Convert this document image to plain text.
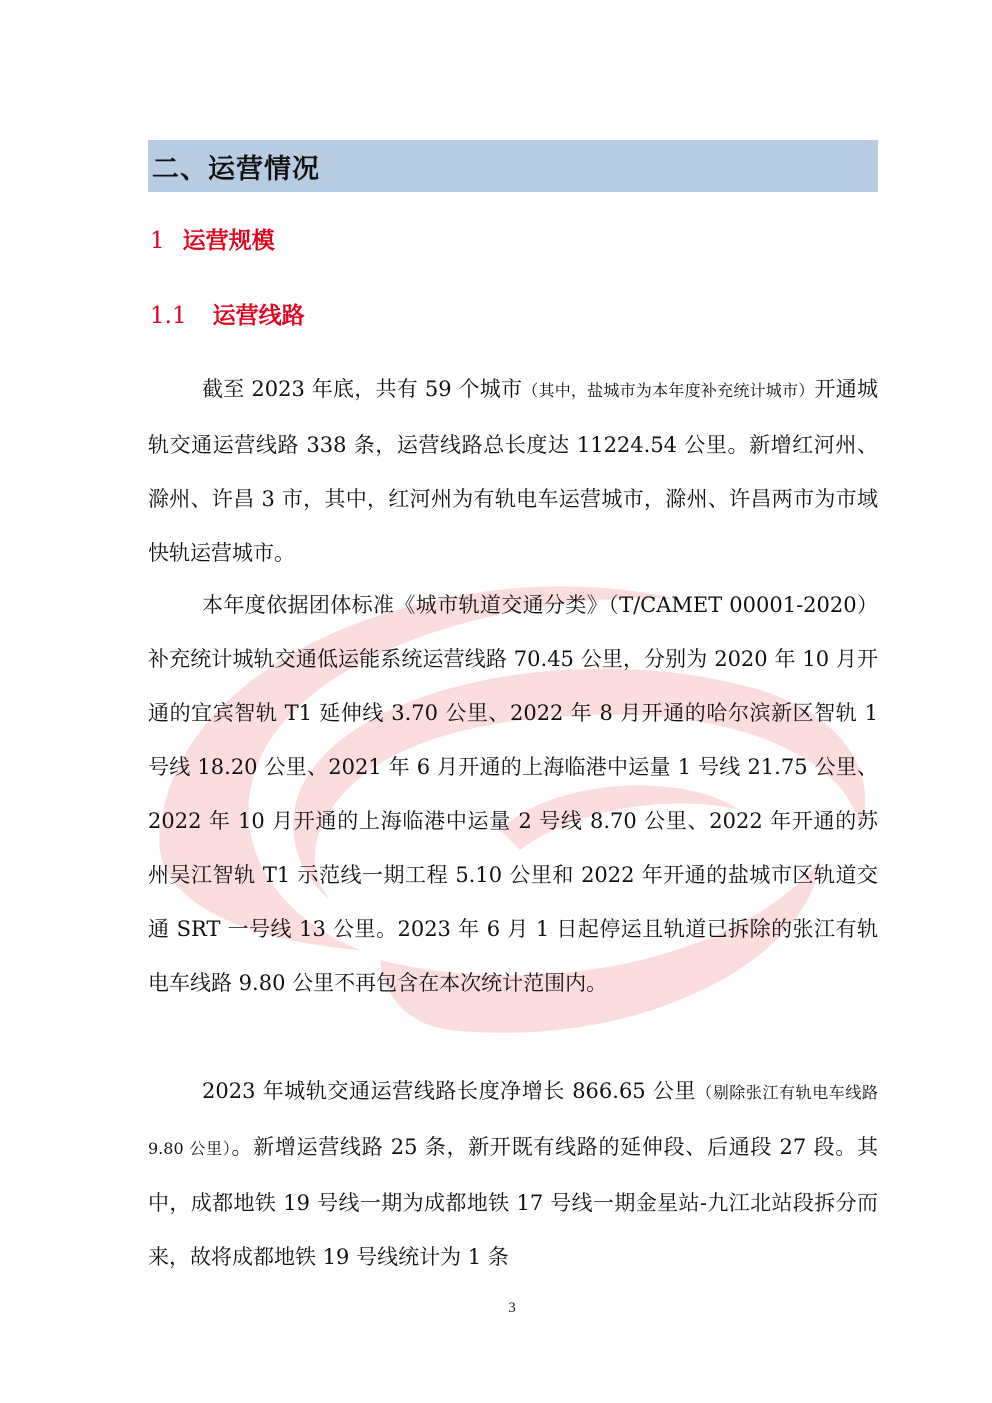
二、运营情况
1 运营规模
1.1 运营线路
截至 2023 年底，共有 59 个城市（其中，盐城市为本年度补充统计城市）开通城轨交通运营线路 338 条，运营线路总长度达 11224.54 公里。新增红河州、滁州、许昌 3 市，其中，红河州为有轨电车运营城市，滁州、许昌两市为市域快轨运营城市。
本年度依据团体标准《城市轨道交通分类》（T/CAMET 00001-2020）补充统计城轨交通低运能系统运营线路 70.45 公里，分别为 2020 年 10 月开通的宜宾智轨 T1 延伸线 3.70 公里、2022 年 8 月开通的哈尔滨新区智轨 1 号线 18.20 公里、2021 年 6 月开通的上海临港中运量 1 号线 21.75 公里、2022 年 10 月开通的上海临港中运量 2 号线 8.70 公里、2022 年开通的苏州吴江智轨 T1 示范线一期工程 5.10 公里和 2022 年开通的盐城市区轨道交通 SRT 一号线 13 公里。2023 年 6 月 1 日起停运且轨道已拆除的张江有轨电车线路 9.80 公里不再包含在本次统计范围内。
2023 年城轨交通运营线路长度净增长 866.65 公里（剔除张江有轨电车线路 9.80 公里）。新增运营线路 25 条，新开既有线路的延伸段、后通段 27 段。其中，成都地铁 19 号线一期为成都地铁 17 号线一期金星站-九江北站段拆分而来，故将成都地铁 19 号线统计为 1 条
3
